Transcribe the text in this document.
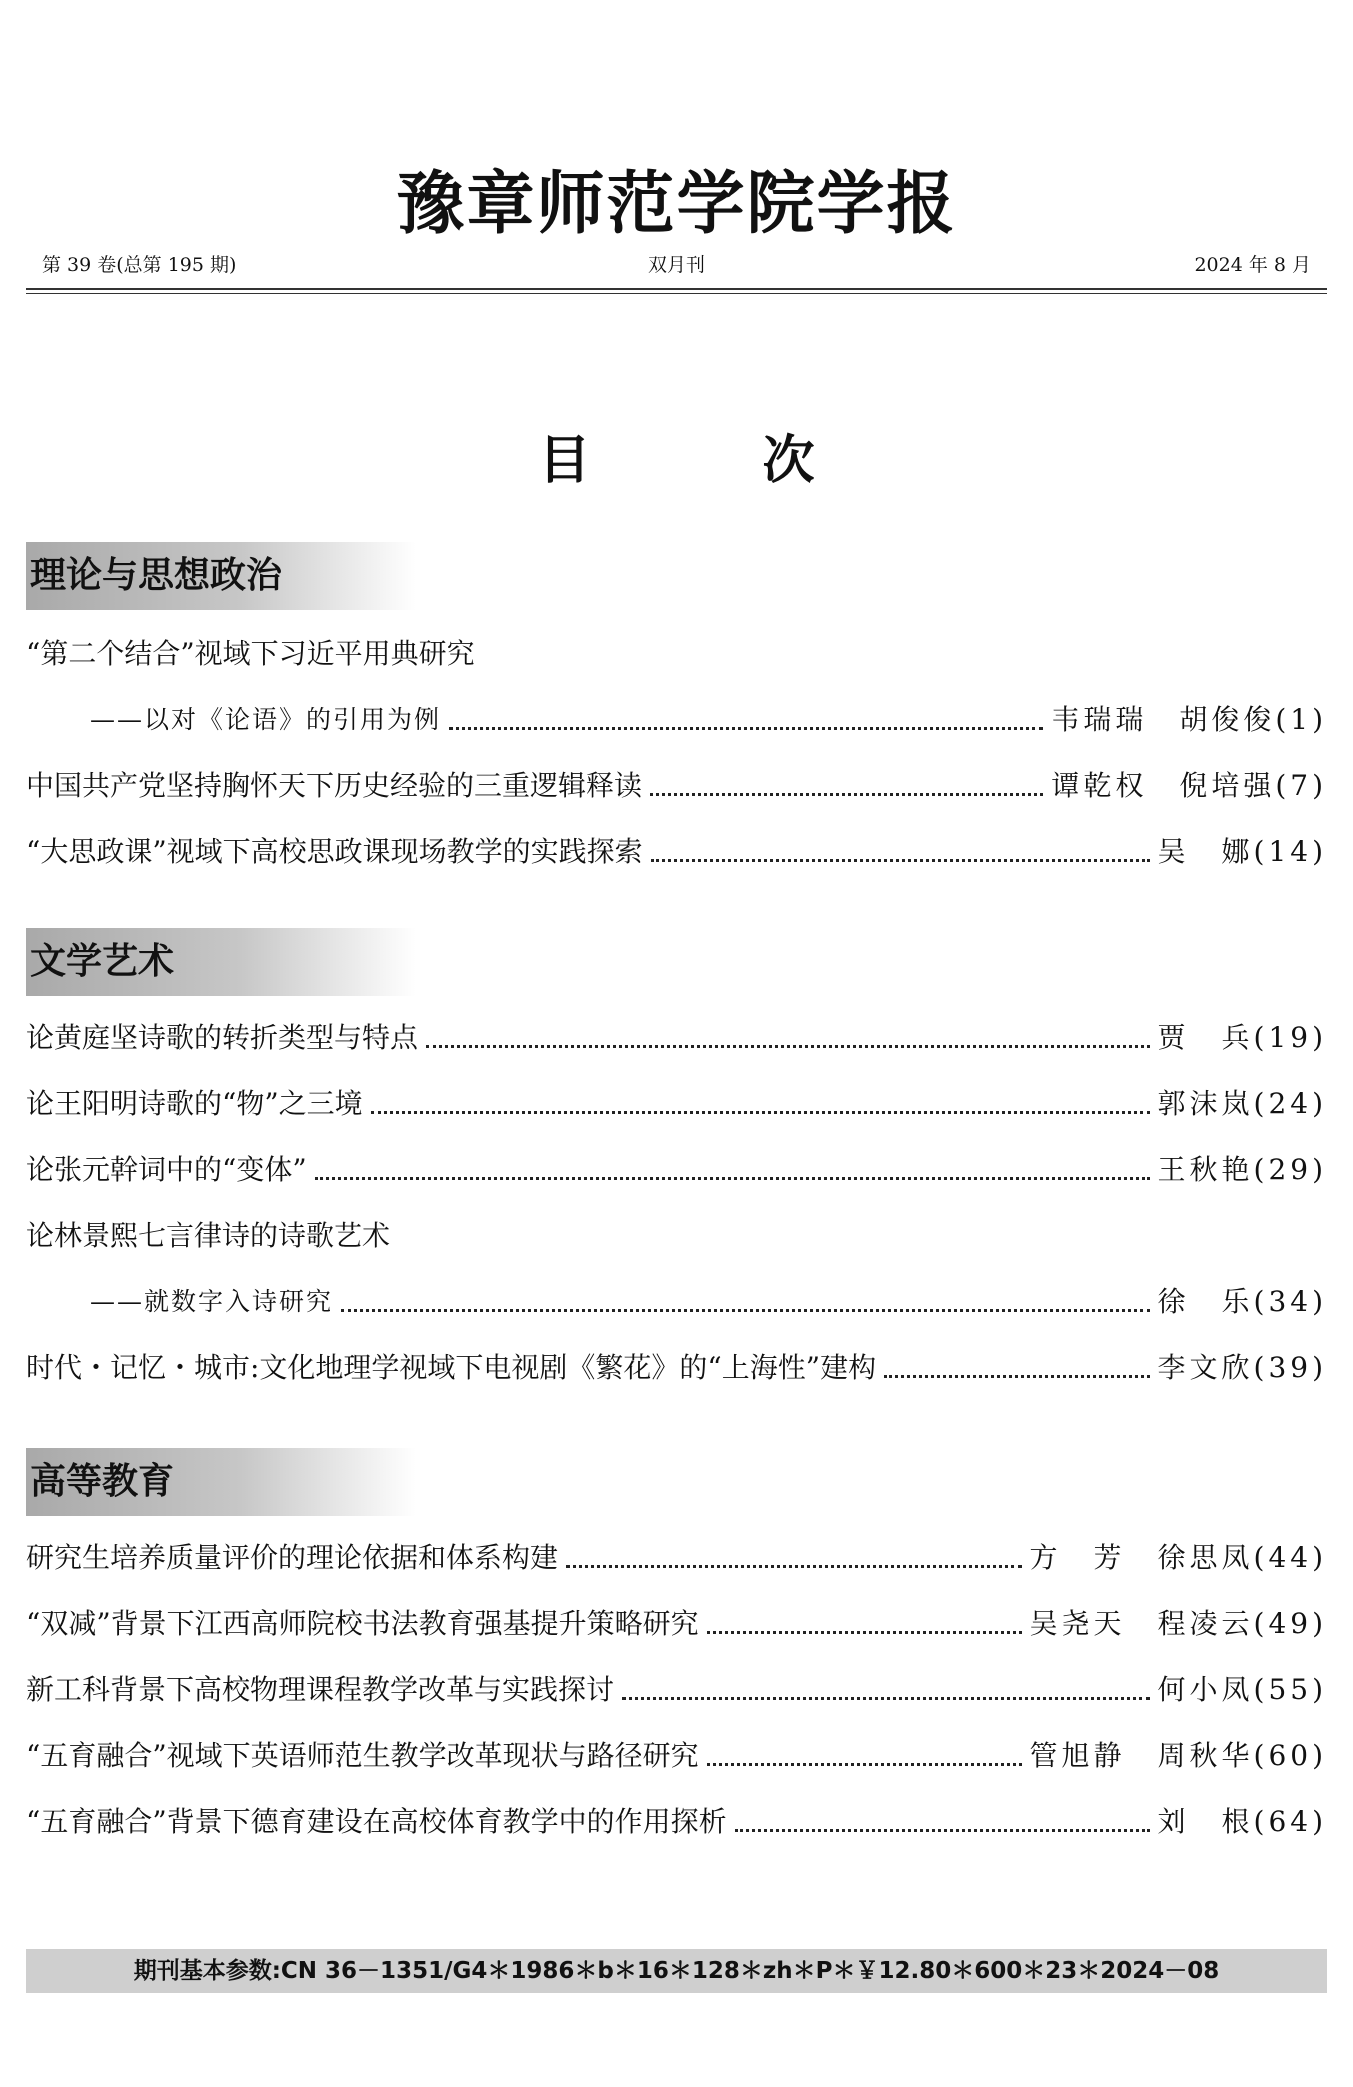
豫章师范学院学报
第 39 卷(总第 195 期)	双月刊	2024 年 8 月
目　次
理论与思想政治
“第二个结合”视域下习近平用典研究
——以对《论语》的引用为例	韦瑞瑞　胡俊俊 (1)
中国共产党坚持胸怀天下历史经验的三重逻辑释读	谭乾权　倪培强 (7)
“大思政课”视域下高校思政课现场教学的实践探索	吴　娜 (14)
文学艺术
论黄庭坚诗歌的转折类型与特点	贾　兵 (19)
论王阳明诗歌的“物”之三境	郭沫岚 (24)
论张元幹词中的“变体”	王秋艳 (29)
论林景熙七言律诗的诗歌艺术
——就数字入诗研究	徐　乐 (34)
时代・记忆・城市:文化地理学视域下电视剧《繁花》的“上海性”建构	李文欣 (39)
高等教育
研究生培养质量评价的理论依据和体系构建	方　芳　徐思凤 (44)
“双减”背景下江西高师院校书法教育强基提升策略研究	吴尧天　程凌云 (49)
新工科背景下高校物理课程教学改革与实践探讨	何小凤 (55)
“五育融合”视域下英语师范生教学改革现状与路径研究	管旭静　周秋华 (60)
“五育融合”背景下德育建设在高校体育教学中的作用探析	刘　根 (64)
期刊基本参数:CN 36－1351/G4＊1986＊b＊16＊128＊zh＊P＊￥12.80＊600＊23＊2024－08
